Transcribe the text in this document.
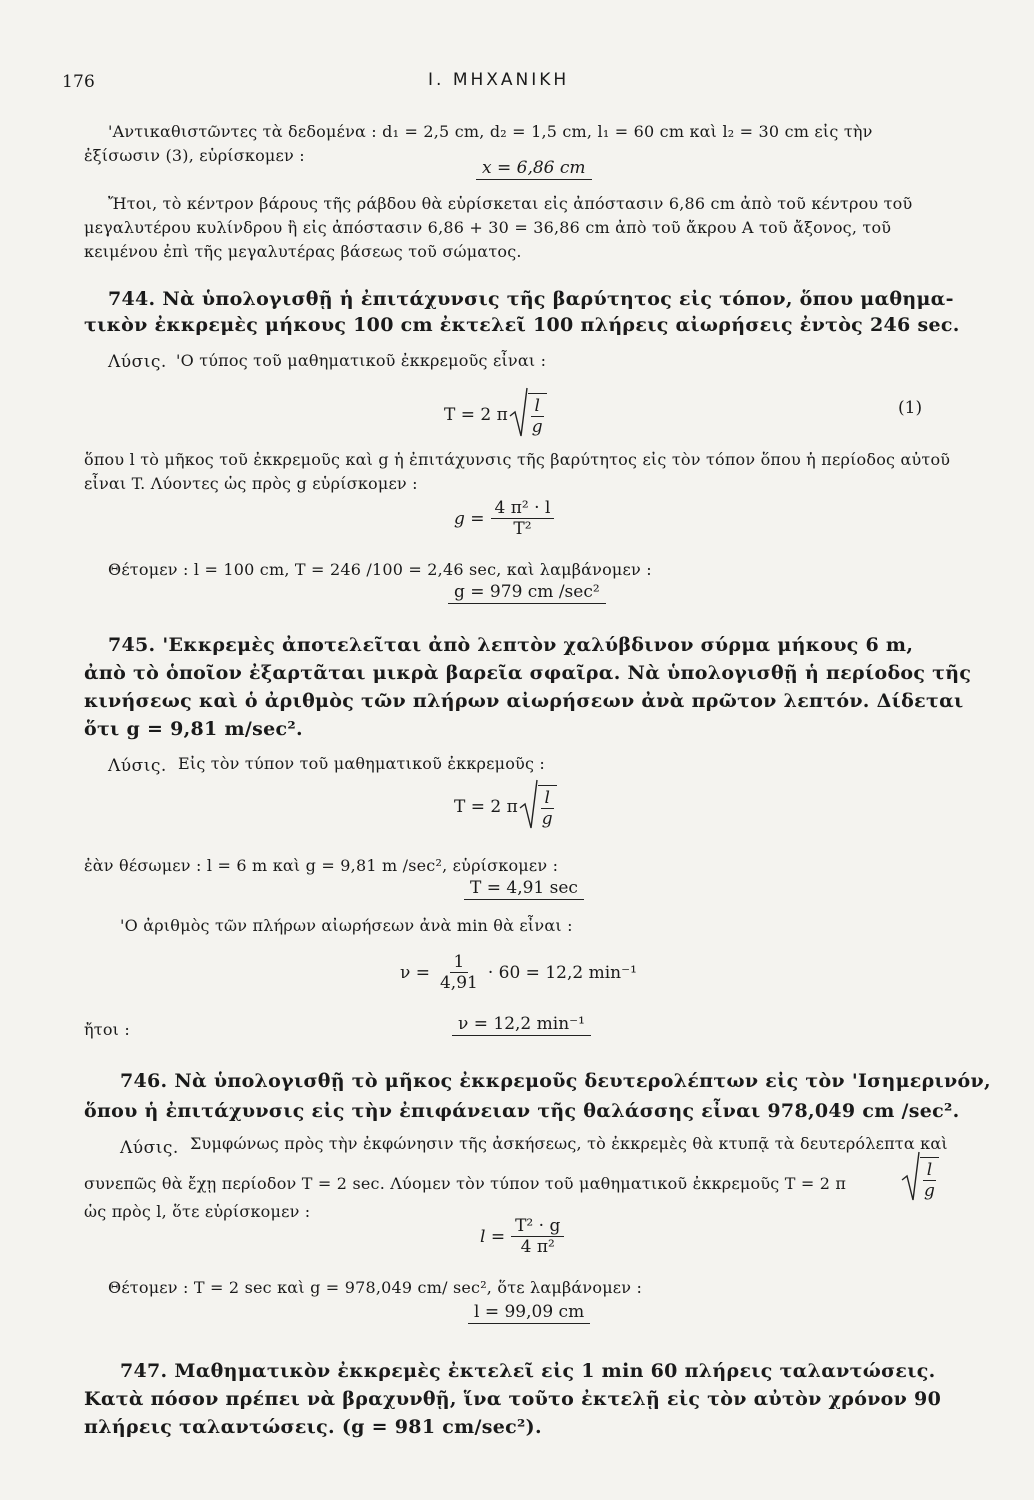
176	I. ΜΗΧΑΝΙΚΗ
'Αντικαθιστῶντες τὰ δεδομένα : d₁ = 2,5 cm, d₂ = 1,5 cm, l₁ = 60 cm καὶ l₂ = 30 cm εἰς τὴν
ἐξίσωσιν (3), εὑρίσκομεν :
x = 6,86 cm
Ἤτοι, τὸ κέντρον βάρους τῆς ράβδου θὰ εὑρίσκεται εἰς ἀπόστασιν 6,86 cm ἀπὸ τοῦ κέντρου τοῦ
μεγαλυτέρου κυλίνδρου ἢ εἰς ἀπόστασιν 6,86 + 30 = 36,86 cm ἀπὸ τοῦ ἄκρου Α τοῦ ἄξονος, τοῦ
κειμένου ἐπὶ τῆς μεγαλυτέρας βάσεως τοῦ σώματος.
744. Νὰ ὑπολογισθῇ ἡ ἐπιτάχυνσις τῆς βαρύτητος εἰς τόπον, ὅπου μαθημα-
τικὸν ἐκκρεμὲς μήκους 100 cm ἐκτελεῖ 100 πλήρεις αἰωρήσεις ἐντὸς 246 sec.
Λύσις. 'Ο τύπος τοῦ μαθηματικοῦ ἐκκρεμοῦς εἶναι :
T = 2 π $\frac{l}{g}$	(1)
ὅπου l τὸ μῆκος τοῦ ἐκκρεμοῦς καὶ g ἡ ἐπιτάχυνσις τῆς βαρύτητος εἰς τὸν τόπον ὅπου ἡ περίοδος αὐτοῦ
εἶναι T. Λύοντες ὡς πρὸς g εὑρίσκομεν :
$g = \frac{\text{4 π² · l}}{\text{T²}}$
Θέτομεν : l = 100 cm, T = 246 /100 = 2,46 sec, καὶ λαμβάνομεν :
g = 979 cm /sec²
745. 'Εκκρεμὲς ἀποτελεῖται ἀπὸ λεπτὸν χαλύβδινον σύρμα μήκους 6 m,
ἀπὸ τὸ ὁποῖον ἐξαρτᾶται μικρὰ βαρεῖα σφαῖρα. Νὰ ὑπολογισθῇ ἡ περίοδος τῆς
κινήσεως καὶ ὁ ἀριθμὸς τῶν πλήρων αἰωρήσεων ἀνὰ πρῶτον λεπτόν. Δίδεται
ὅτι g = 9,81 m/sec².
Λύσις. Εἰς τὸν τύπον τοῦ μαθηματικοῦ ἐκκρεμοῦς :
T = 2 π $\frac{l}{g}$
ἐὰν θέσωμεν : l = 6 m καὶ g = 9,81 m /sec², εὑρίσκομεν :
T = 4,91 sec
'Ο ἀριθμὸς τῶν πλήρων αἰωρήσεων ἀνὰ min θὰ εἶναι :
$\nu = \frac{1}{4,91} \cdot 60 = 12,2$ min⁻¹
ἤτοι :	ν = 12,2 min⁻¹
746. Νὰ ὑπολογισθῇ τὸ μῆκος ἐκκρεμοῦς δευτερολέπτων εἰς τὸν 'Ισημερινόν,
ὅπου ἡ ἐπιτάχυνσις εἰς τὴν ἐπιφάνειαν τῆς θαλάσσης εἶναι 978,049 cm /sec².
Λύσις. Συμφώνως πρὸς τὴν ἐκφώνησιν τῆς ἀσκήσεως, τὸ ἐκκρεμὲς θὰ κτυπᾷ τὰ δευτερόλεπτα καὶ
συνεπῶς θὰ ἔχῃ περίοδον T = 2 sec. Λύομεν τὸν τύπον τοῦ μαθηματικοῦ ἐκκρεμοῦς T = 2 π	$\frac{l}{g}$
ὡς πρὸς l, ὅτε εὑρίσκομεν :
$l = \frac{\text{T² · g}}{\text{4 π²}}$
Θέτομεν : T = 2 sec καὶ g = 978,049 cm/ sec², ὅτε λαμβάνομεν :
l = 99,09 cm
747. Μαθηματικὸν ἐκκρεμὲς ἐκτελεῖ εἰς 1 min 60 πλήρεις ταλαντώσεις.
Κατὰ πόσον πρέπει νὰ βραχυνθῇ, ἵνα τοῦτο ἐκτελῇ εἰς τὸν αὐτὸν χρόνον 90
πλήρεις ταλαντώσεις. (g = 981 cm/sec²).
